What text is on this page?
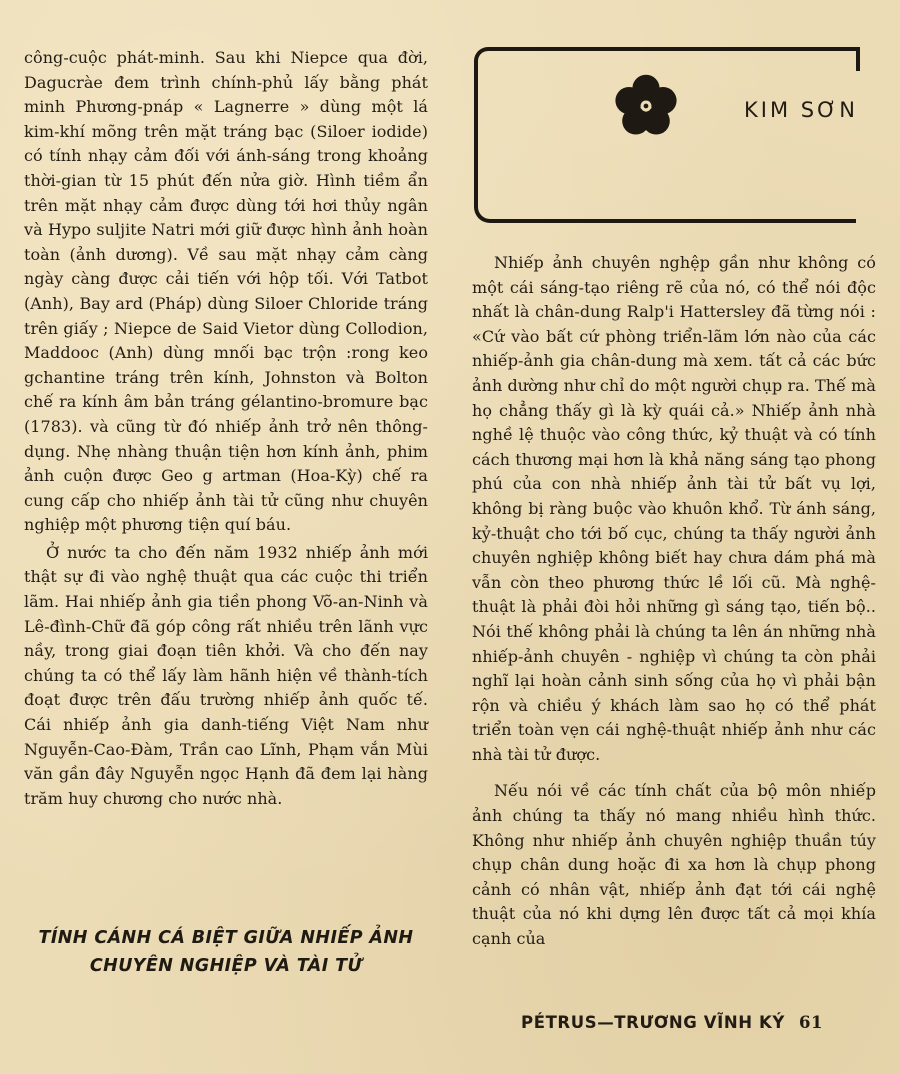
công-cuộc phát-minh. Sau khi Niepce qua đời, Dagucràe đem trình chính-phủ lấy bằng phát minh Phương-pnáp « Lagnerre » dùng một lá kim-khí mõng trên mặt tráng bạc (Siloer iodide) có tính nhạy cảm đối với ánh-sáng trong khoảng thời-gian từ 15 phút đến nửa giờ. Hình tiềm ẩn trên mặt nhạy cảm được dùng tới hơi thủy ngân và Hypo suljite Natri mới giữ được hình ảnh hoàn toàn (ảnh dương). Về sau mặt nhạy cảm càng ngày càng được cải tiến với hộp tối. Với Tatbot (Anh), Bay ard (Pháp) dùng Siloer Chloride tráng trên giấy ; Niepce de Said Vietor dùng Collodion, Maddooc (Anh) dùng mnối bạc trộn :rong keo gchantine tráng trên kính, Johnston và Bolton chế ra kính âm bản tráng gélantino-bromure bạc (1783). và cũng từ đó nhiếp ảnh trở nên thông-dụng. Nhẹ nhàng thuận tiện hơn kính ảnh, phim ảnh cuộn được Geo g artman (Hoa-Kỳ) chế ra cung cấp cho nhiếp ảnh tài tử cũng như chuyên nghiệp một phương tiện quí báu.

Ở nước ta cho đến năm 1932 nhiếp ảnh mới thật sự đi vào nghệ thuật qua các cuộc thi triển lãm. Hai nhiếp ảnh gia tiền phong Võ-an-Ninh và Lê-đình-Chữ đã góp công rất nhiều trên lãnh vực nầy, trong giai đoạn tiên khởi. Và cho đến nay chúng ta có thể lấy làm hãnh hiện về thành-tích đoạt được trên đấu trường nhiếp ảnh quốc tế. Cái nhiếp ảnh gia danh-tiếng Việt Nam như Nguyễn-Cao-Đàm, Trần cao Lĩnh, Phạm vắn Mùi văn gần đây Nguyễn ngọc Hạnh đã đem lại hàng trăm huy chương cho nước nhà.

TÍNH CÁNH CÁ BIỆT GIỮA NHIẾP ẢNH
CHUYÊN NGHIỆP VÀ TÀI TỬ
KIM SƠN

Nhiếp ảnh chuyên nghệp gần như không có một cái sáng-tạo riêng rẽ của nó, có thể nói độc nhất là chân-dung Ralp'i Hattersley đã từng nói : «Cứ vào bất cứ phòng triển-lãm lớn nào của các nhiếp-ảnh gia chân-dung mà xem. tất cả các bức ảnh dường như chỉ do một người chụp ra. Thế mà họ chẳng thấy gì là kỳ quái cả.» Nhiếp ảnh nhà nghề lệ thuộc vào công thức, kỷ thuật và có tính cách thương mại hơn là khả năng sáng tạo phong phú của con nhà nhiếp ảnh tài tử bất vụ lợi, không bị ràng buộc vào khuôn khổ. Từ ánh sáng, kỷ-thuật cho tới bố cục, chúng ta thấy người ảnh chuyên nghiệp không biết hay chưa dám phá mà vẫn còn theo phương thức lề lối cũ. Mà nghệ-thuật là phải đòi hỏi những gì sáng tạo, tiến bộ.. Nói thế không phải là chúng ta lên án những nhà nhiếp-ảnh chuyên - nghiệp vì chúng ta còn phải nghĩ lại hoàn cảnh sinh sống của họ vì phải bận rộn và chiều ý khách làm sao họ có thể phát triển toàn vẹn cái nghệ-thuật nhiếp ảnh như các nhà tài tử được.

Nếu nói về các tính chất của bộ môn nhiếp ảnh chúng ta thấy nó mang nhiều hình thức. Không như nhiếp ảnh chuyên nghiệp thuần túy chụp chân dung hoặc đi xa hơn là chụp phong cảnh có nhân vật, nhiếp ảnh đạt tới cái nghệ thuật của nó khi dựng lên được tất cả mọi khía cạnh của

PÉTRUS—TRƯƠNG VĨNH KÝ 61
